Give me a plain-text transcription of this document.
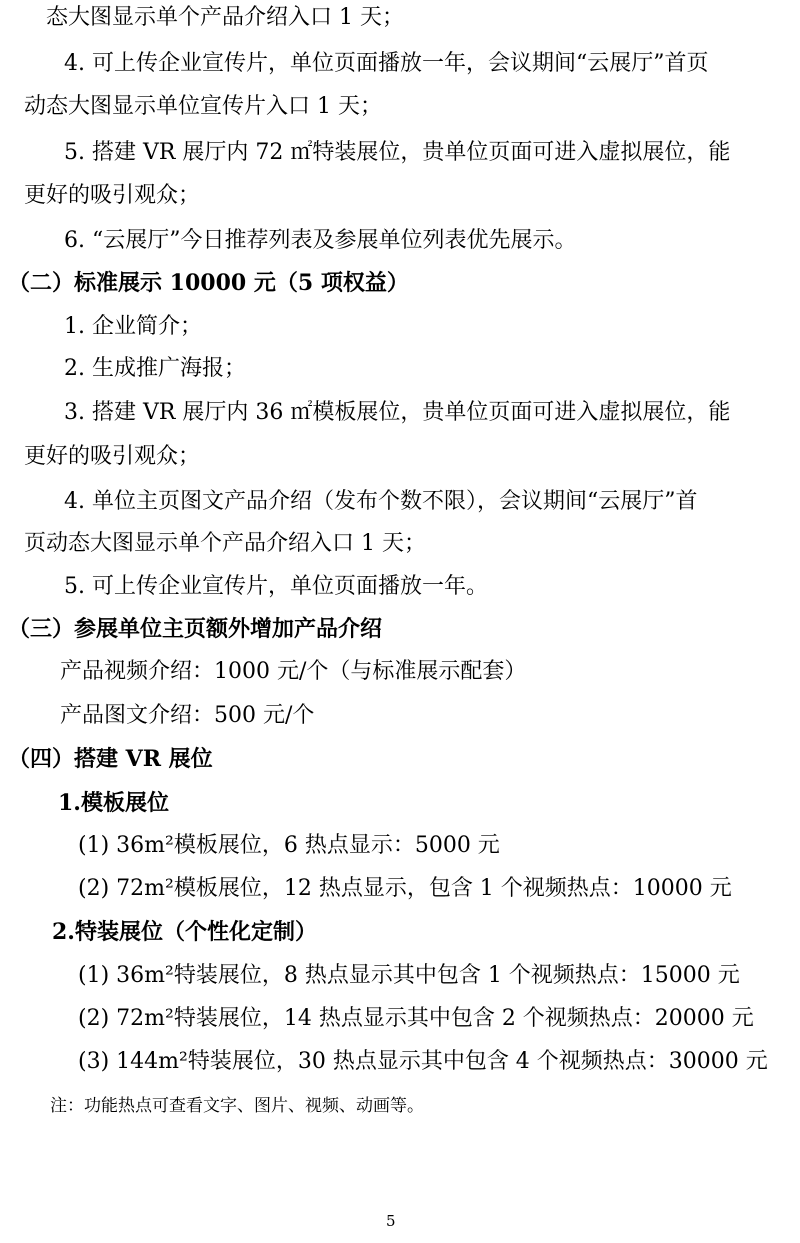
态大图显示单个产品介绍入口 1 天；
4. 可上传企业宣传片，单位页面播放一年，会议期间“云展厅”首页
动态大图显示单位宣传片入口 1 天；
5. 搭建 VR 展厅内 72 ㎡特装展位，贵单位页面可进入虚拟展位，能
更好的吸引观众；
6. “云展厅”今日推荐列表及参展单位列表优先展示。
（二）标准展示 10000 元（5 项权益）
1. 企业简介；
2. 生成推广海报；
3. 搭建 VR 展厅内 36 ㎡模板展位，贵单位页面可进入虚拟展位，能
更好的吸引观众；
4. 单位主页图文产品介绍（发布个数不限），会议期间“云展厅”首
页动态大图显示单个产品介绍入口 1 天；
5. 可上传企业宣传片，单位页面播放一年。
（三）参展单位主页额外增加产品介绍
产品视频介绍：1000 元/个（与标准展示配套）
产品图文介绍：500 元/个
（四）搭建 VR 展位
1.模板展位
(1) 36m²模板展位，6 热点显示：5000 元
(2) 72m²模板展位，12 热点显示，包含 1 个视频热点：10000 元
2.特装展位（个性化定制）
(1) 36m²特装展位，8 热点显示其中包含 1 个视频热点：15000 元
(2) 72m²特装展位，14 热点显示其中包含 2 个视频热点：20000 元
(3) 144m²特装展位，30 热点显示其中包含 4 个视频热点：30000 元
注：功能热点可查看文字、图片、视频、动画等。
5
